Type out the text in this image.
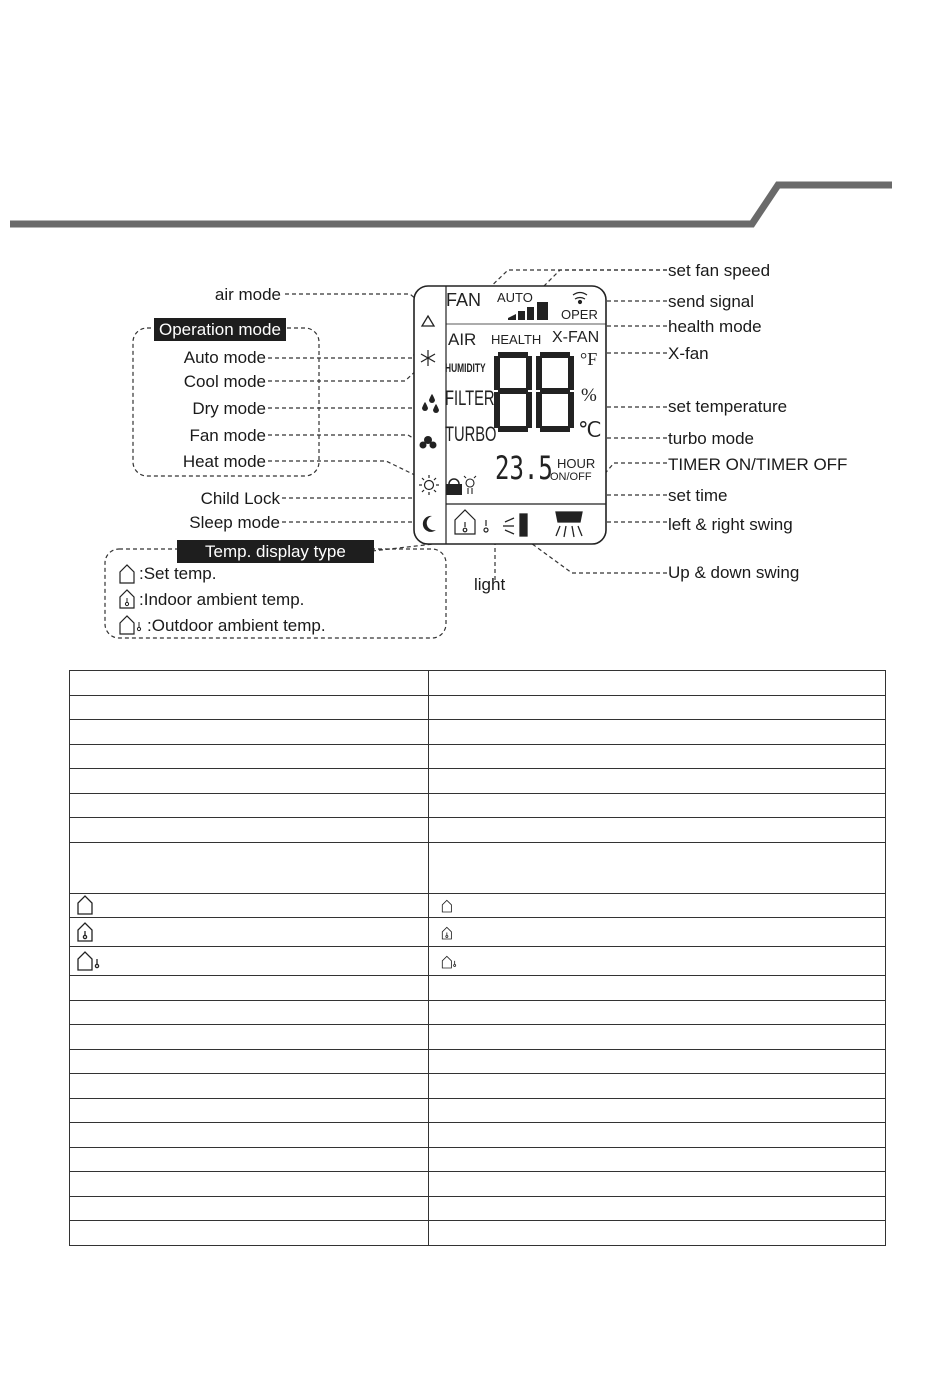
FAN AUTO
OPER
AIR HEALTH X-FAN
HUMIDITY
FILTER
TURBO
°F
%
℃
23.5 HOUR
ON/OFF
air mode
Operation mode
Auto mode
Cool mode
Dry mode
Fan mode
Heat mode
Child Lock
Sleep mode
Temp. display type
:Set temp.
:Indoor ambient temp.
:Outdoor ambient temp.
light
set fan speed
send signal
health mode
X-fan
set temperature
turbo mode
TIMER ON/TIMER OFF
set time
left & right swing
Up & down swing
